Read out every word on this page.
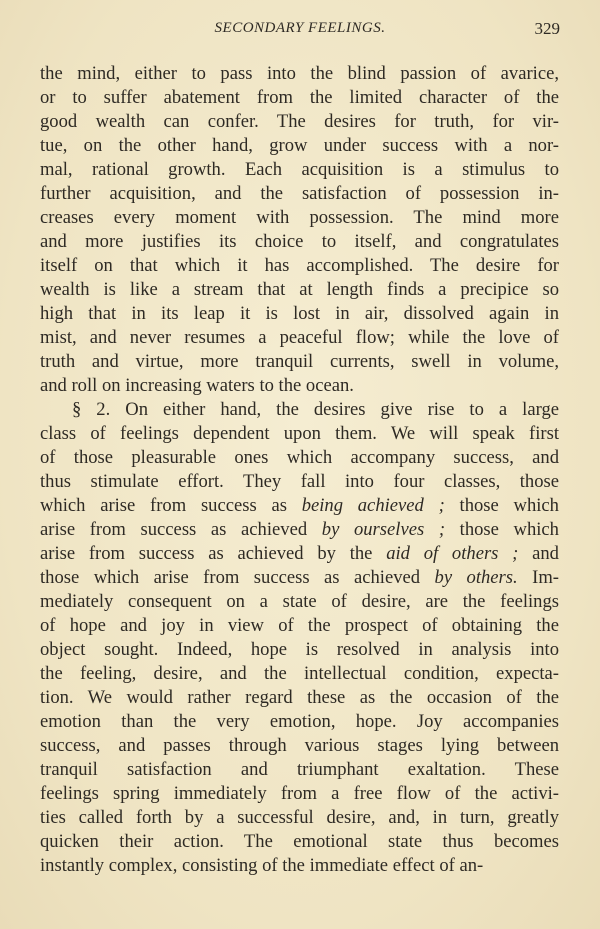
SECONDARY FEELINGS.	329
the mind, either to pass into the blind passion of avarice,
or to suffer abatement from the limited character of the
good wealth can confer. The desires for truth, for vir-
tue, on the other hand, grow under success with a nor-
mal, rational growth. Each acquisition is a stimulus to
further acquisition, and the satisfaction of possession in-
creases every moment with possession. The mind more
and more justifies its choice to itself, and congratulates
itself on that which it has accomplished. The desire for
wealth is like a stream that at length finds a precipice so
high that in its leap it is lost in air, dissolved again in
mist, and never resumes a peaceful flow; while the love of
truth and virtue, more tranquil currents, swell in volume,
and roll on increasing waters to the ocean.
§ 2. On either hand, the desires give rise to a large
class of feelings dependent upon them. We will speak first
of those pleasurable ones which accompany success, and
thus stimulate effort. They fall into four classes, those
which arise from success as being achieved ; those which
arise from success as achieved by ourselves ; those which
arise from success as achieved by the aid of others ; and
those which arise from success as achieved by others. Im-
mediately consequent on a state of desire, are the feelings
of hope and joy in view of the prospect of obtaining the
object sought. Indeed, hope is resolved in analysis into
the feeling, desire, and the intellectual condition, expecta-
tion. We would rather regard these as the occasion of the
emotion than the very emotion, hope. Joy accompanies
success, and passes through various stages lying between
tranquil satisfaction and triumphant exaltation. These
feelings spring immediately from a free flow of the activi-
ties called forth by a successful desire, and, in turn, greatly
quicken their action. The emotional state thus becomes
instantly complex, consisting of the immediate effect of an-
